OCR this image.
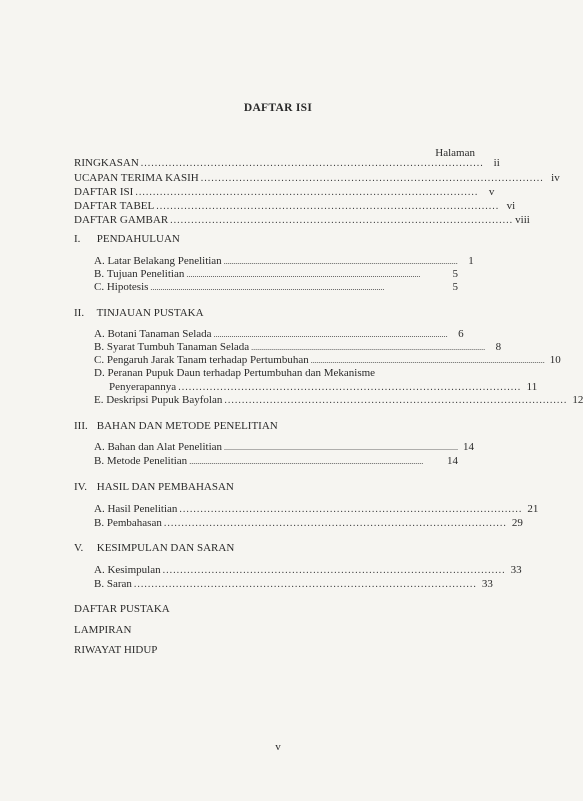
DAFTAR ISI
Halaman
RINGKASAN .................................................................................................. ii
UCAPAN TERIMA KASIH .................................................................................................. iv
DAFTAR ISI .................................................................................................. v
DAFTAR TABEL .................................................................................................. vi
DAFTAR GAMBAR .................................................................................................. viii
I. PENDAHULUAN
A. Latar Belakang Penelitian ..................................................................................................................... 1
B. Tujuan Penelitian .....................................................................................................................	5
C. Hipotesis .....................................................................................................................	5
II. TINJAUAN PUSTAKA
A. Botani Tanaman Selada ..................................................................................................................... 6
B. Syarat Tumbuh Tanaman Selada ..................................................................................................................... 8
C. Pengaruh Jarak Tanam terhadap Pertumbuhan ..................................................................................................................... 10
D. Peranan Pupuk Daun terhadap Pertumbuhan dan Mekanisme
Penyerapannya .................................................................................................. 11
E. Deskripsi Pupuk Bayfolan .................................................................................................. 12
III. BAHAN DAN METODE PENELITIAN
A. Bahan dan Alat Penelitian ..................................................................................................................... 14
B. Metode Penelitian .....................................................................................................................	14
IV. HASIL DAN PEMBAHASAN
A. Hasil Penelitian .................................................................................................. 21
B. Pembahasan .................................................................................................. 29
V. KESIMPULAN DAN SARAN
A. Kesimpulan .................................................................................................. 33
B. Saran .................................................................................................. 33
DAFTAR PUSTAKA
LAMPIRAN
RIWAYAT HIDUP
v
